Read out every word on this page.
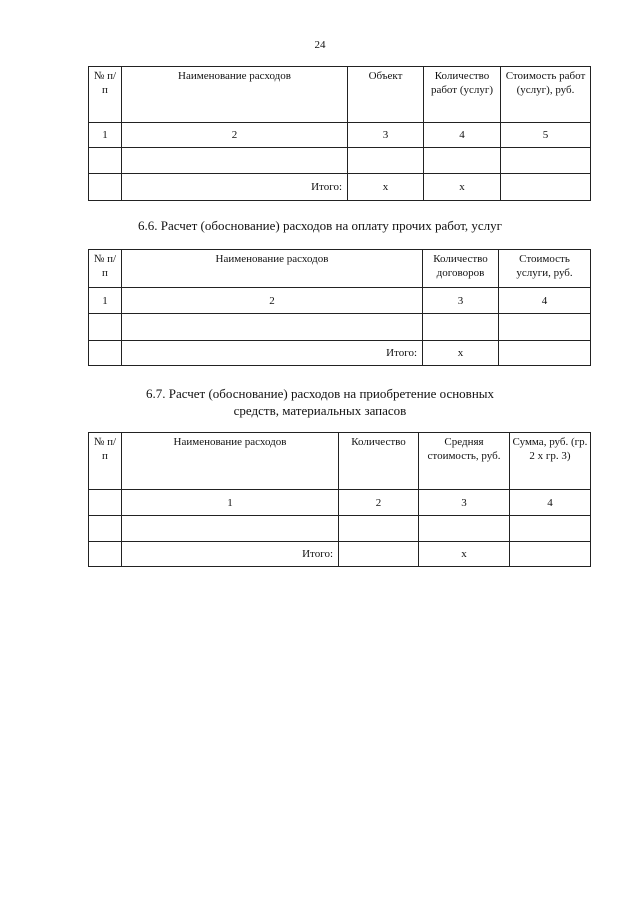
24
№ п/п	Наименование расходов	Объект	Количество работ (услуг)	Стоимость работ (услуг), руб.
1	2	3	4	5

	Итого:	x	x	
6.6. Расчет (обоснование) расходов на оплату прочих работ, услуг
№ п/п	Наименование расходов	Количество договоров	Стоимость услуги, руб.
1	2	3	4

	Итого:	x	
6.7. Расчет (обоснование) расходов на приобретение основных
средств, материальных запасов
№ п/п	Наименование расходов	Количество	Средняя стоимость, руб.	Сумма, руб. (гр. 2 x гр. 3)
	1	2	3	4

	Итого:		x	
